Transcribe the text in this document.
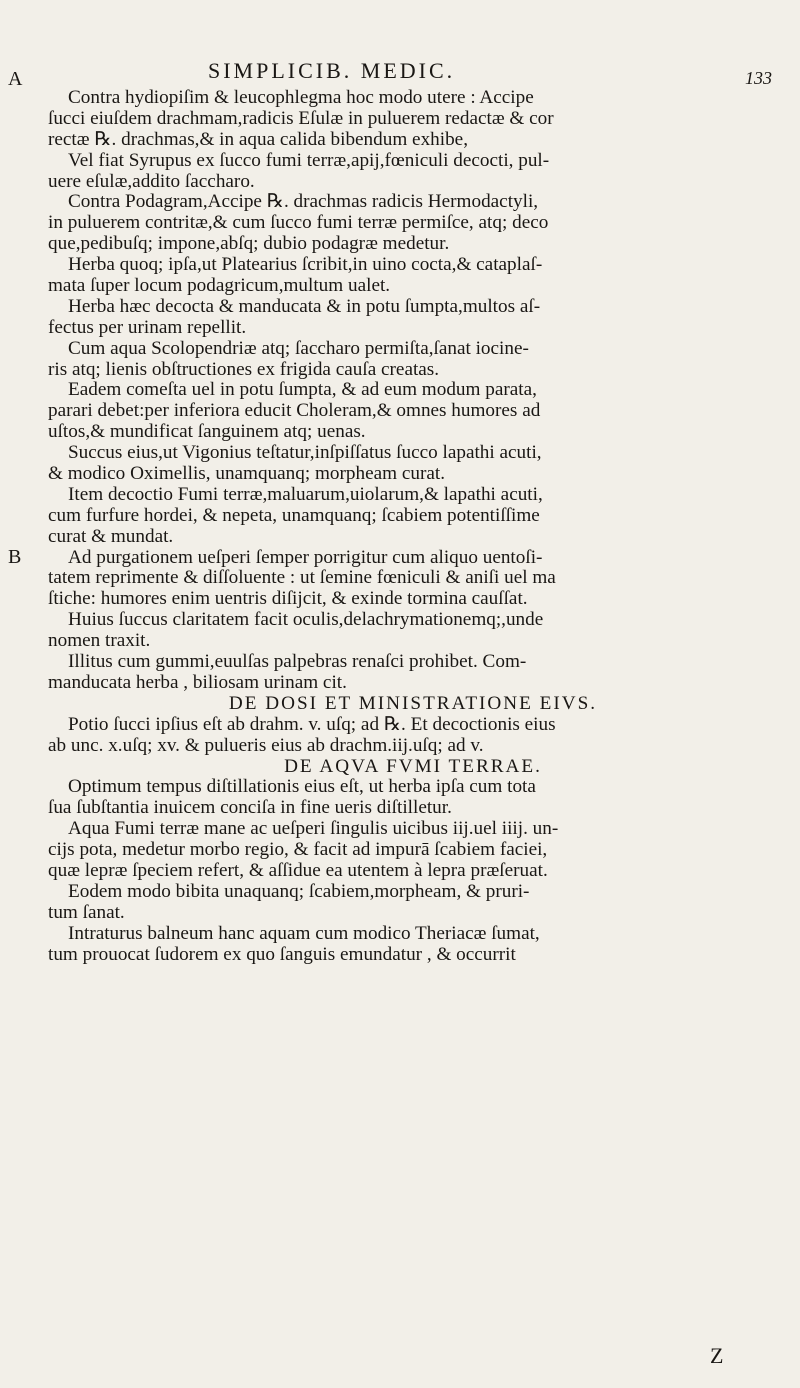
SIMPLICIB. MEDIC.	133
A
B
Contra hydiopiſim & leucophlegma hoc modo utere : Accipe
ſucci eiuſdem drachmam,radicis Eſulæ in puluerem redactæ & cor
rectæ ℞. drachmas,& in aqua calida bibendum exhibe,
Vel fiat Syrupus ex ſucco fumi terræ,apij,fœniculi decocti, pul-
uere eſulæ,addito ſaccharo.
Contra Podagram,Accipe ℞. drachmas radicis Hermodactyli,
in puluerem contritæ,& cum ſucco fumi terræ permiſce, atq; deco
que,pedibuſq; impone,abſq; dubio podagræ medetur.
Herba quoq; ipſa,ut Platearius ſcribit,in uino cocta,& cataplaſ-
mata ſuper locum podagricum,multum ualet.
Herba hæc decocta & manducata & in potu ſumpta,multos aſ-
fectus per urinam repellit.
Cum aqua Scolopendriæ atq; ſaccharo permiſta,ſanat iocine-
ris atq; lienis obſtructiones ex frigida cauſa creatas.
Eadem comeſta uel in potu ſumpta, & ad eum modum parata,
parari debet:per inferiora educit Choleram,& omnes humores ad
uſtos,& mundificat ſanguinem atq; uenas.
Succus eius,ut Vigonius teſtatur,inſpiſſatus ſucco lapathi acuti,
& modico Oximellis, unamquanq; morpheam curat.
Item decoctio Fumi terræ,maluarum,uiolarum,& lapathi acuti,
cum furfure hordei, & nepeta, unamquanq; ſcabiem potentiſſime
curat & mundat.
Ad purgationem ueſperi ſemper porrigitur cum aliquo uentoſi-
tatem reprimente & diſſoluente : ut ſemine fœniculi & aniſi uel ma
ſtiche: humores enim uentris diſijcit, & exinde tormina cauſſat.
Huius ſuccus claritatem facit oculis,delachrymationemq;,unde
nomen traxit.
Illitus cum gummi,euulſas palpebras renaſci prohibet. Com-
manducata herba , biliosam urinam cit.
DE DOSI ET MINISTRATIONE EIVS.
Potio ſucci ipſius eſt ab drahm. v. uſq; ad ℞. Et decoctionis eius
ab unc. x.uſq; xv. & pulueris eius ab drachm.iij.uſq; ad v.
DE AQVA FVMI TERRAE.
Optimum tempus diſtillationis eius eſt, ut herba ipſa cum tota
ſua ſubſtantia inuicem conciſa in fine ueris diſtilletur.
Aqua Fumi terræ mane ac ueſperi ſingulis uicibus iij.uel iiij. un-
cijs pota, medetur morbo regio, & facit ad impurā ſcabiem faciei,
quæ lepræ ſpeciem refert, & aſſidue ea utentem à lepra præſeruat.
Eodem modo bibita unaquanq; ſcabiem,morpheam, & pruri-
tum ſanat.
Intraturus balneum hanc aquam cum modico Theriacæ ſumat,
tum prouocat ſudorem ex quo ſanguis emundatur , & occurrit
Z
